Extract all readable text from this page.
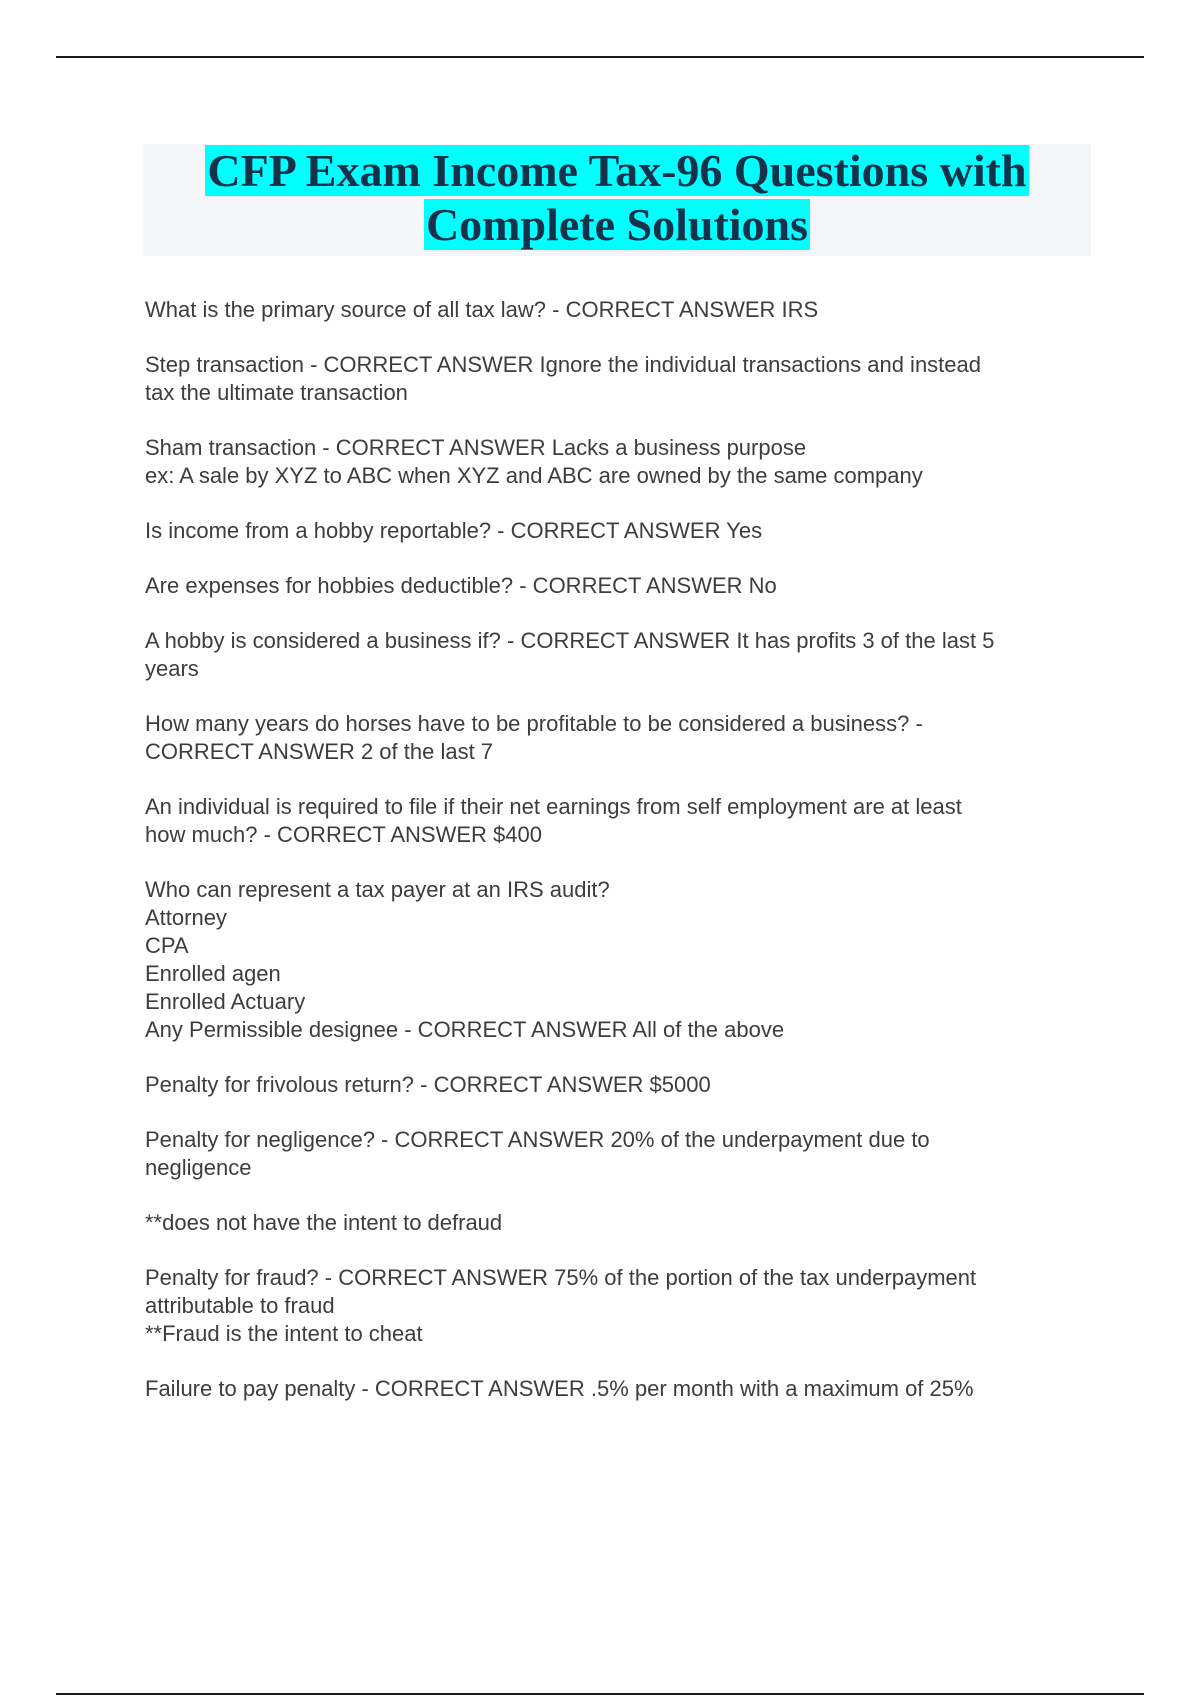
CFP Exam Income Tax-96 Questions with
Complete Solutions
What is the primary source of all tax law? - CORRECT ANSWER IRS
Step transaction - CORRECT ANSWER Ignore the individual transactions and instead
tax the ultimate transaction
Sham transaction - CORRECT ANSWER Lacks a business purpose
ex: A sale by XYZ to ABC when XYZ and ABC are owned by the same company
Is income from a hobby reportable? - CORRECT ANSWER Yes
Are expenses for hobbies deductible? - CORRECT ANSWER No
A hobby is considered a business if? - CORRECT ANSWER It has profits 3 of the last 5
years
How many years do horses have to be profitable to be considered a business? -
CORRECT ANSWER 2 of the last 7
An individual is required to file if their net earnings from self employment are at least
how much? - CORRECT ANSWER $400
Who can represent a tax payer at an IRS audit?
Attorney
CPA
Enrolled agen
Enrolled Actuary
Any Permissible designee - CORRECT ANSWER All of the above
Penalty for frivolous return? - CORRECT ANSWER $5000
Penalty for negligence? - CORRECT ANSWER 20% of the underpayment due to
negligence
**does not have the intent to defraud
Penalty for fraud? - CORRECT ANSWER 75% of the portion of the tax underpayment
attributable to fraud
**Fraud is the intent to cheat
Failure to pay penalty - CORRECT ANSWER .5% per month with a maximum of 25%
